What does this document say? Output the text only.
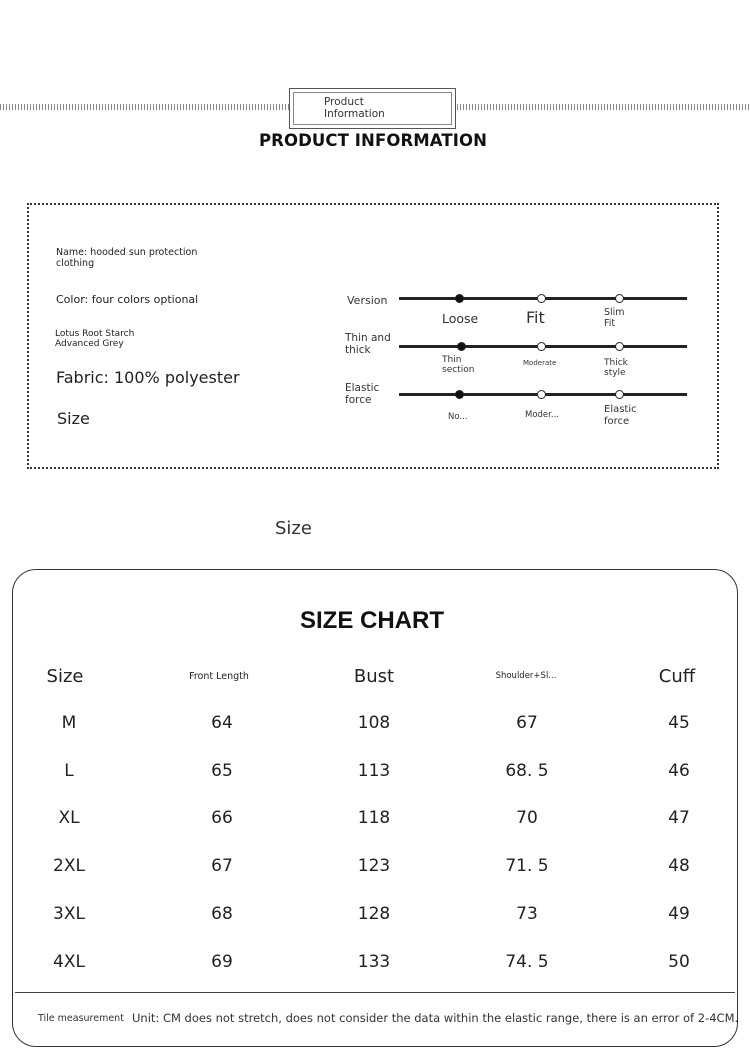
Product
Information
PRODUCT INFORMATION
Name: hooded sun protection
clothing
Color: four colors optional
Lotus Root Starch
Advanced Grey
Fabric: 100% polyester
Size
Version
Loose	Fit	Slim
Fit
Thin and
thick
Thin
section
Moderate	Thick
style
Elastic
force
No...	Moder...	Elastic
force
Size
SIZE CHART
Size	Front Length	Bust	Shoulder+Sl...	Cuff
M	64	108	67	45
L	65	113	68. 5	46
XL	66	118	70	47
2XL	67	123	71. 5	48
3XL	68	128	73	49
4XL	69	133	74. 5	50
Tile measurement Unit: CM does not stretch, does not consider the data within the elastic range, there is an error of 2-4CM.
